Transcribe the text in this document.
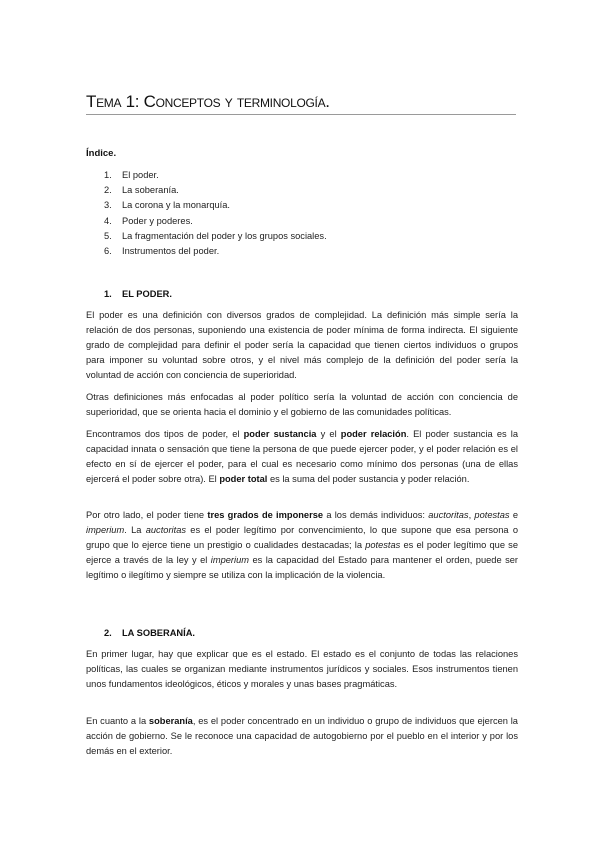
Tema 1: Conceptos y terminología.
Índice.
1. El poder.
2. La soberanía.
3. La corona y la monarquía.
4. Poder y poderes.
5. La fragmentación del poder y los grupos sociales.
6. Instrumentos del poder.
1. EL PODER.

El poder es una definición con diversos grados de complejidad. La definición más simple sería la relación de dos personas, suponiendo una existencia de poder mínima de forma indirecta. El siguiente grado de complejidad para definir el poder sería la capacidad que tienen ciertos individuos o grupos para imponer su voluntad sobre otros, y el nivel más complejo de la definición del poder sería la voluntad de acción con conciencia de superioridad.

Otras definiciones más enfocadas al poder político sería la voluntad de acción con conciencia de superioridad, que se orienta hacia el dominio y el gobierno de las comunidades políticas.

Encontramos dos tipos de poder, el poder sustancia y el poder relación. El poder sustancia es la capacidad innata o sensación que tiene la persona de que puede ejercer poder, y el poder relación es el efecto en sí de ejercer el poder, para el cual es necesario como mínimo dos personas (una de ellas ejercerá el poder sobre otra). El poder total es la suma del poder sustancia y poder relación.

Por otro lado, el poder tiene tres grados de imponerse a los demás individuos: auctoritas, potestas e imperium. La auctoritas es el poder legítimo por convencimiento, lo que supone que esa persona o grupo que lo ejerce tiene un prestigio o cualidades destacadas; la potestas es el poder legítimo que se ejerce a través de la ley y el imperium es la capacidad del Estado para mantener el orden, puede ser legítimo o ilegítimo y siempre se utiliza con la implicación de la violencia.

2. LA SOBERANÍA.

En primer lugar, hay que explicar que es el estado. El estado es el conjunto de todas las relaciones políticas, las cuales se organizan mediante instrumentos jurídicos y sociales. Esos instrumentos tienen unos fundamentos ideológicos, éticos y morales y unas bases pragmáticas.

En cuanto a la soberanía, es el poder concentrado en un individuo o grupo de individuos que ejercen la acción de gobierno. Se le reconoce una capacidad de autogobierno por el pueblo en el interior y por los demás en el exterior.
